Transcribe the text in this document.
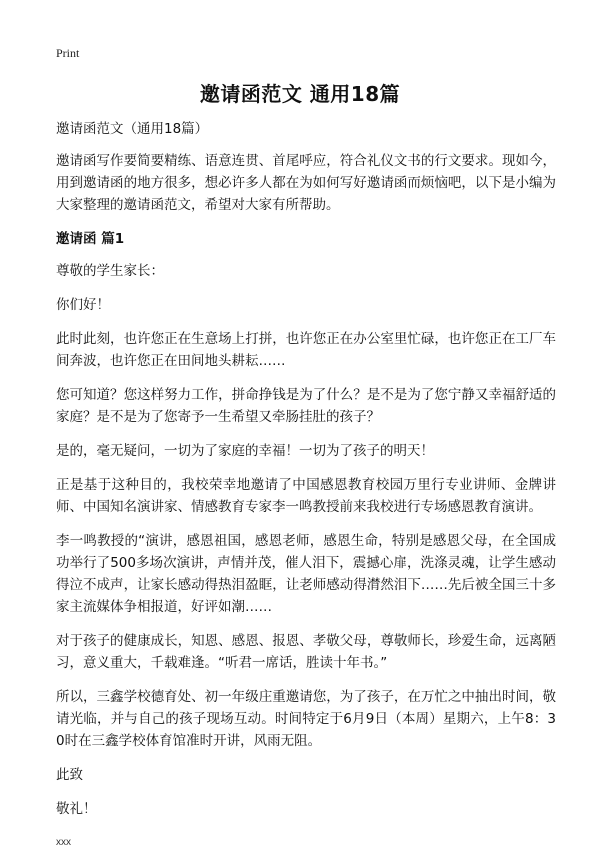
Print
邀请函范文 通用18篇

邀请函范文（通用18篇）

邀请函写作要简要精练、语意连贯、首尾呼应，符合礼仪文书的行文要求。现如今，用到邀请函的地方很多，想必许多人都在为如何写好邀请函而烦恼吧，以下是小编为大家整理的邀请函范文，希望对大家有所帮助。

邀请函 篇1

尊敬的学生家长：

你们好！

此时此刻，也许您正在生意场上打拼，也许您正在办公室里忙碌，也许您正在工厂车间奔波，也许您正在田间地头耕耘……

您可知道？您这样努力工作，拼命挣钱是为了什么？是不是为了您宁静又幸福舒适的家庭？是不是为了您寄予一生希望又牵肠挂肚的孩子？

是的，毫无疑问，一切为了家庭的幸福！一切为了孩子的明天！

正是基于这种目的，我校荣幸地邀请了中国感恩教育校园万里行专业讲师、金牌讲师、中国知名演讲家、情感教育专家李一鸣教授前来我校进行专场感恩教育演讲。

李一鸣教授的“演讲，感恩祖国，感恩老师，感恩生命，特别是感恩父母，在全国成功举行了500多场次演讲，声情并茂，催人泪下，震撼心扉，洗涤灵魂，让学生感动得泣不成声，让家长感动得热泪盈眶，让老师感动得潸然泪下……先后被全国三十多家主流媒体争相报道，好评如潮……

对于孩子的健康成长，知恩、感恩、报恩、孝敬父母，尊敬师长，珍爱生命，远离陋习，意义重大，千载难逢。“听君一席话，胜读十年书。”

所以，三鑫学校德育处、初一年级庄重邀请您，为了孩子，在万忙之中抽出时间，敬请光临，并与自己的孩子现场互动。时间特定于6月9日（本周）星期六，上午8：30时在三鑫学校体育馆准时开讲，风雨无阻。

此致

敬礼！

xxx
